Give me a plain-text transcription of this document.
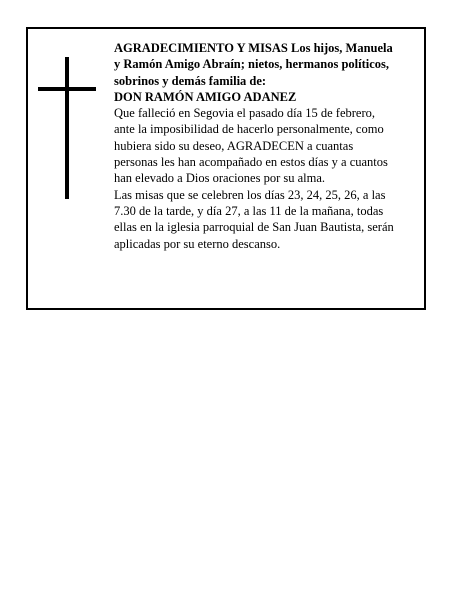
AGRADECIMIENTO Y MISAS Los hijos, Manuela
y Ramón Amigo Abraín; nietos, hermanos políticos,
sobrinos y demás familia de:
DON RAMÓN AMIGO ADANEZ

Que falleció en Segovia el pasado día 15 de febrero,
ante la imposibilidad de hacerlo personalmente, como
hubiera sido su deseo, AGRADECEN a cuantas
personas les han acompañado en estos días y a cuantos
han elevado a Dios oraciones por su alma.

Las misas que se celebren los días 23, 24, 25, 26, a las
7.30 de la tarde, y día 27, a las 11 de la mañana, todas
ellas en la iglesia parroquial de San Juan Bautista, serán
aplicadas por su eterno descanso.
